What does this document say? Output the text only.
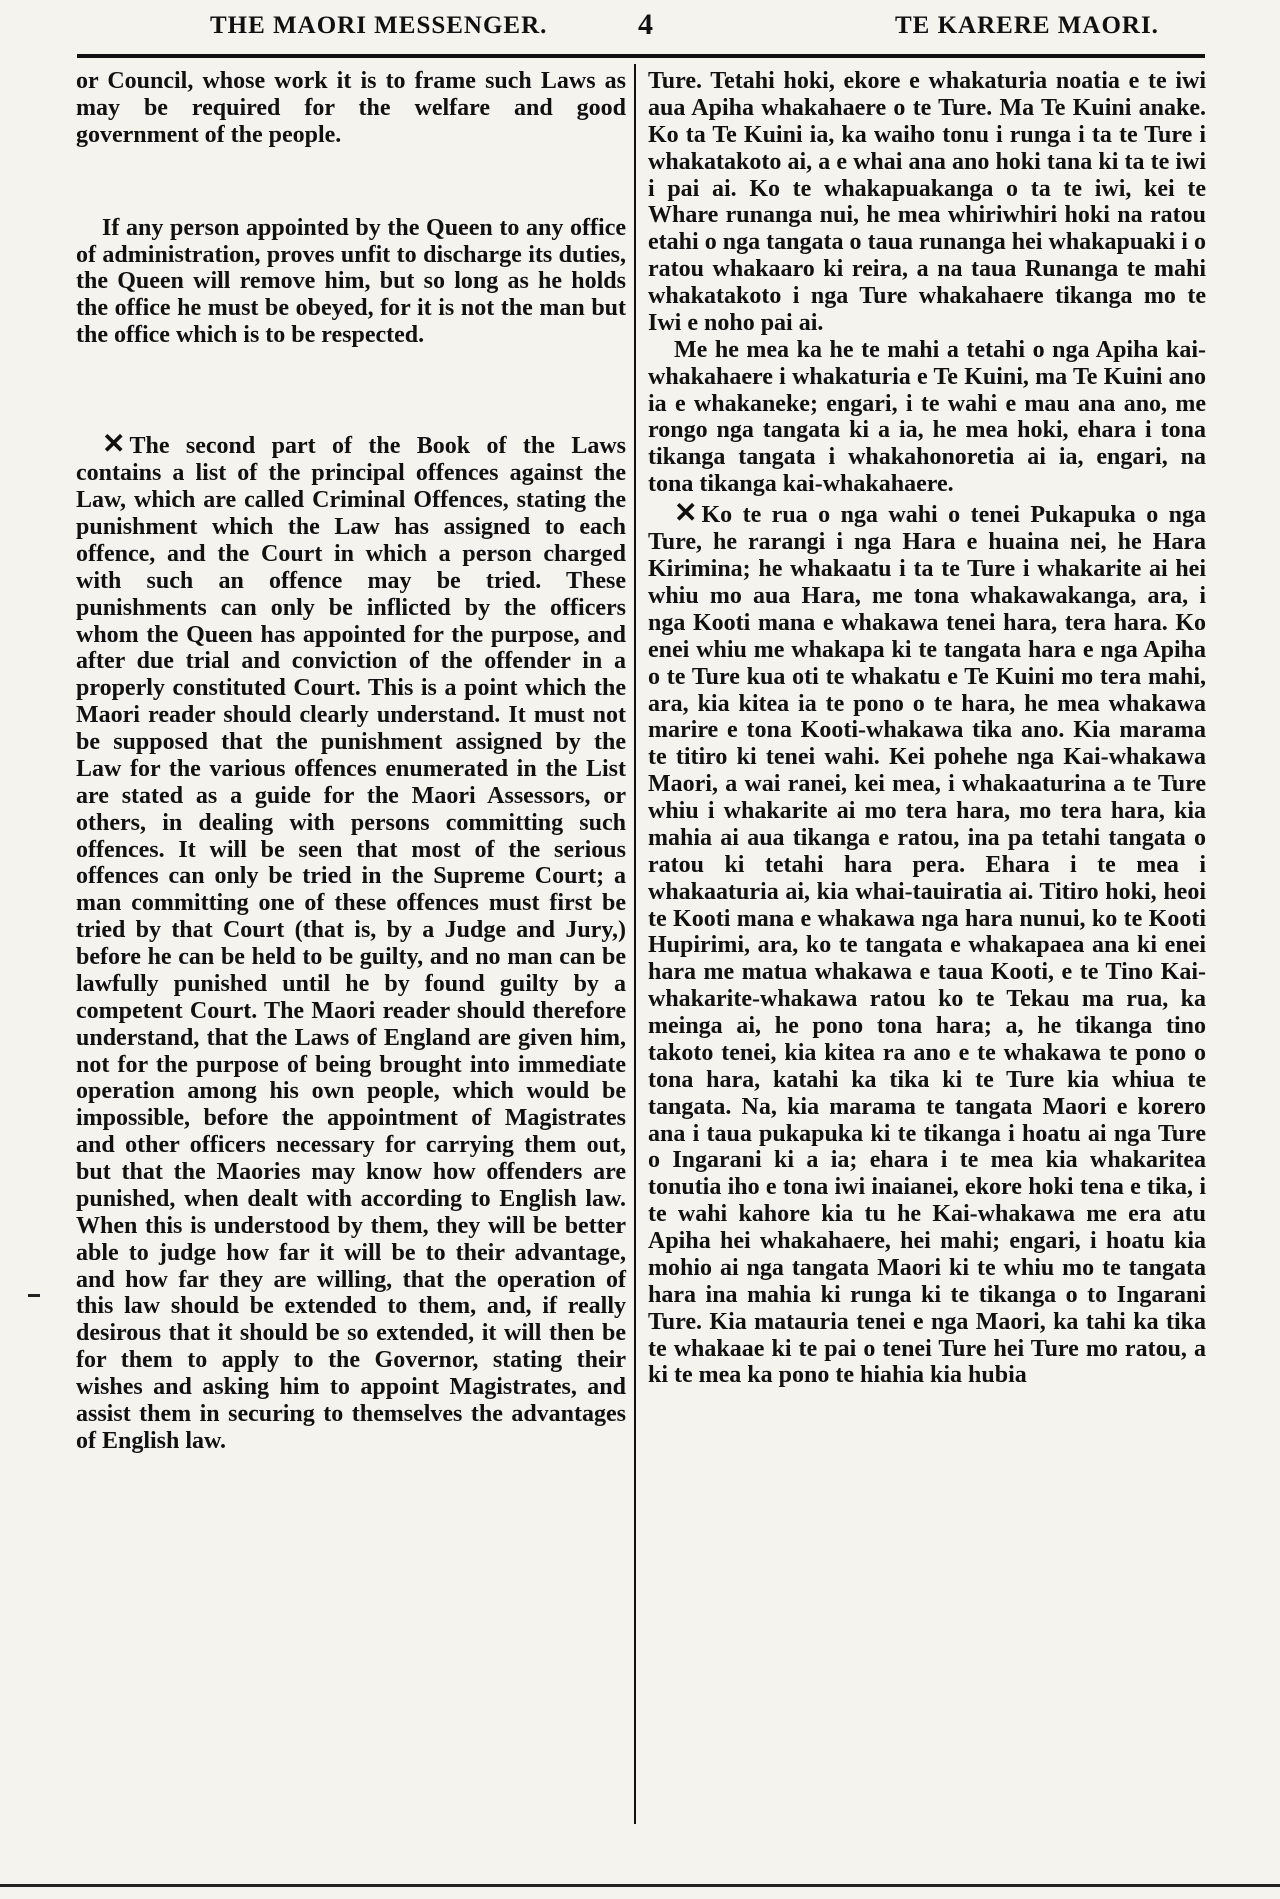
THE MAORI MESSENGER.	4	TE KARERE MAORI.

or Council, whose work it is to frame such Laws as may be required for the welfare and good government of the people.

If any person appointed by the Queen to any office of administration, proves unfit to discharge its duties, the Queen will remove him, but so long as he holds the office he must be obeyed, for it is not the man but the office which is to be respected.

✕ The second part of the Book of the Laws contains a list of the principal offences against the Law, which are called Criminal Offences, stating the punishment which the Law has assigned to each offence, and the Court in which a person charged with such an offence may be tried. These punishments can only be inflicted by the officers whom the Queen has appointed for the purpose, and after due trial and conviction of the offender in a properly constituted Court. This is a point which the Maori reader should clearly understand. It must not be supposed that the punishment assigned by the Law for the various offences enumerated in the List are stated as a guide for the Maori Assessors, or others, in dealing with persons committing such offences. It will be seen that most of the serious offences can only be tried in the Supreme Court; a man committing one of these offences must first be tried by that Court (that is, by a Judge and Jury,) before he can be held to be guilty, and no man can be lawfully punished until he by found guilty by a competent Court. The Maori reader should therefore understand, that the Laws of England are given him, not for the purpose of being brought into immediate operation among his own people, which would be impossible, before the appointment of Magistrates and other officers necessary for carrying them out, but that the Maories may know how offenders are punished, when dealt with according to English law. When this is understood by them, they will be better able to judge how far it will be to their advantage, and how far they are willing, that the operation of this law should be extended to them, and, if really desirous that it should be so extended, it will then be for them to apply to the Governor, stating their wishes and asking him to appoint Magistrates, and assist them in securing to themselves the advantages of English law.

Ture. Tetahi hoki, ekore e whakaturia noatia e te iwi aua Apiha whakahaere o te Ture. Ma Te Kuini anake. Ko ta Te Kuini ia, ka waiho tonu i runga i ta te Ture i whakatakoto ai, a e whai ana ano hoki tana ki ta te iwi i pai ai. Ko te whakapuakanga o ta te iwi, kei te Whare runanga nui, he mea whiriwhiri hoki na ratou etahi o nga tangata o taua runanga hei whakapuaki i o ratou whakaaro ki reira, a na taua Runanga te mahi whakatakoto i nga Ture whakahaere tikanga mo te Iwi e noho pai ai.

Me he mea ka he te mahi a tetahi o nga Apiha kai-whakahaere i whakaturia e Te Kuini, ma Te Kuini ano ia e whakaneke; engari, i te wahi e mau ana ano, me rongo nga tangata ki a ia, he mea hoki, ehara i tona tikanga tangata i whakahonoretia ai ia, engari, na tona tikanga kai-whakahaere.

✕ Ko te rua o nga wahi o tenei Pukapuka o nga Ture, he rarangi i nga Hara e huaina nei, he Hara Kirimina; he whakaatu i ta te Ture i whakarite ai hei whiu mo aua Hara, me tona whakawakanga, ara, i nga Kooti mana e whakawa tenei hara, tera hara. Ko enei whiu me whakapa ki te tangata hara e nga Apiha o te Ture kua oti te whakatu e Te Kuini mo tera mahi, ara, kia kitea ia te pono o te hara, he mea whakawa marire e tona Kooti-whakawa tika ano. Kia marama te titiro ki tenei wahi. Kei pohehe nga Kai-whakawa Maori, a wai ranei, kei mea, i whakaaturina a te Ture whiu i whakarite ai mo tera hara, mo tera hara, kia mahia ai aua tikanga e ratou, ina pa tetahi tangata o ratou ki tetahi hara pera. Ehara i te mea i whakaaturia ai, kia whai-tauiratia ai. Titiro hoki, heoi te Kooti mana e whakawa nga hara nunui, ko te Kooti Hupirimi, ara, ko te tangata e whakapaea ana ki enei hara me matua whakawa e taua Kooti, e te Tino Kai-whakarite-whakawa ratou ko te Tekau ma rua, ka meinga ai, he pono tona hara; a, he tikanga tino takoto tenei, kia kitea ra ano e te whakawa te pono o tona hara, katahi ka tika ki te Ture kia whiua te tangata. Na, kia marama te tangata Maori e korero ana i taua pukapuka ki te tikanga i hoatu ai nga Ture o Ingarani ki a ia; ehara i te mea kia whakaritea tonutia iho e tona iwi inaianei, ekore hoki tena e tika, i te wahi kahore kia tu he Kai-whakawa me era atu Apiha hei whakahaere, hei mahi; engari, i hoatu kia mohio ai nga tangata Maori ki te whiu mo te tangata hara ina mahia ki runga ki te tikanga o to Ingarani Ture. Kia matauria tenei e nga Maori, ka tahi ka tika te whakaae ki te pai o tenei Ture hei Ture mo ratou, a ki te mea ka pono te hiahia kia hubia
